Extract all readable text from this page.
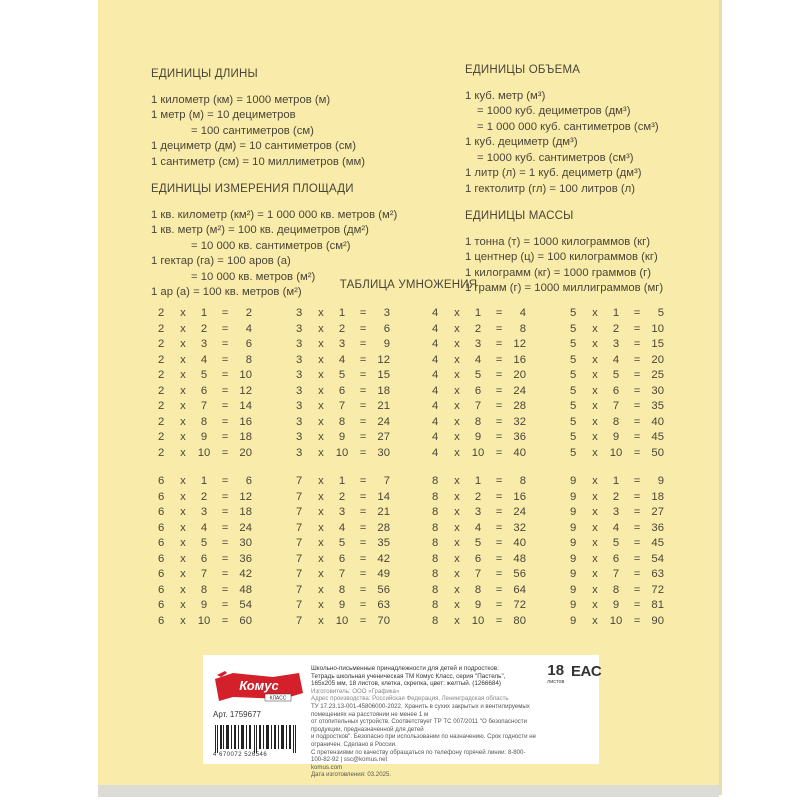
ЕДИНИЦЫ ДЛИНЫ
1 километр (км) = 1000 метров (м)
1 метр (м) = 10 дециметров
= 100 сантиметров (см)
1 дециметр (дм) = 10 сантиметров (см)
1 сантиметр (см) = 10 миллиметров (мм)
ЕДИНИЦЫ ИЗМЕРЕНИЯ ПЛОЩАДИ
1 кв. километр (км²) = 1 000 000 кв. метров (м²)
1 кв. метр (м²) = 100 кв. дециметров (дм²)
= 10 000 кв. сантиметров (см²)
1 гектар (га) = 100 аров (а)
= 10 000 кв. метров (м²)
1 ар (а) = 100 кв. метров (м²)
ЕДИНИЦЫ ОБЪЕМА
1 куб. метр (м³)
= 1000 куб. дециметров (дм³)
= 1 000 000 куб. сантиметров (см³)
1 куб. дециметр (дм³)
= 1000 куб. сантиметров (см³)
1 литр (л) = 1 куб. дециметр (дм³)
1 гектолитр (гл) = 100 литров (л)
ЕДИНИЦЫ МАССЫ
1 тонна (т) = 1000 килограммов (кг)
1 центнер (ц) = 100 килограммов (кг)
1 килограмм (кг) = 1000 граммов (г)
1 грамм (г) = 1000 миллиграммов (мг)
ТАБЛИЦА УМНОЖЕНИЯ
2	x	1	=	2
2	x	2	=	4
2	x	3	=	6
2	x	4	=	8
2	x	5	= 10
2	x	6	= 12
2	x	7	= 14
2	x	8	= 16
2	x	9	= 18
2	x	10	= 20
3	x	1	=	3
3	x	2	=	6
3	x	3	=	9
3	x	4	= 12
3	x	5	= 15
3	x	6	= 18
3	x	7	= 21
3	x	8	= 24
3	x	9	= 27
3	x	10	= 30
4	x	1	=	4
4	x	2	=	8
4	x	3	= 12
4	x	4	= 16
4	x	5	= 20
4	x	6	= 24
4	x	7	= 28
4	x	8	= 32
4	x	9	= 36
4	x	10	= 40
5	x	1	=	5
5	x	2	= 10
5	x	3	= 15
5	x	4	= 20
5	x	5	= 25
5	x	6	= 30
5	x	7	= 35
5	x	8	= 40
5	x	9	= 45
5	x	10	= 50
6	x	1	=	6
6	x	2	= 12
6	x	3	= 18
6	x	4	= 24
6	x	5	= 30
6	x	6	= 36
6	x	7	= 42
6	x	8	= 48
6	x	9	= 54
6	x	10	= 60
7	x	1	=	7
7	x	2	= 14
7	x	3	= 21
7	x	4	= 28
7	x	5	= 35
7	x	6	= 42
7	x	7	= 49
7	x	8	= 56
7	x	9	= 63
7	x	10	= 70
8	x	1	=	8
8	x	2	= 16
8	x	3	= 24
8	x	4	= 32
8	x	5	= 40
8	x	6	= 48
8	x	7	= 56
8	x	8	= 64
8	x	9	= 72
8	x	10	= 80
9	x	1	=	9
9	x	2	= 18
9	x	3	= 27
9	x	4	= 36
9	x	5	= 45
9	x	6	= 54
9	x	7	= 63
9	x	8	= 72
9	x	9	= 81
9	x	10	= 90
Комус
КЛАСС
Арт. 1759677
4 670072 526546
Школьно-письменные принадлежности для детей и подростков:
Тетрадь школьная ученическая ТМ Комус Класс, серия "Пастель",
165х205 мм, 18 листов, клетка, скрепка, цвет: желтый. (1266684)
Изготовитель: ООО «Графика»
Адрес производства: Российская Федерация, Ленинградская область
ТУ 17.23.13-001-45806000-2022. Хранить в сухих закрытых и вентилируемых помещениях на расстоянии не менее 1 м
от отопительных устройств. Соответствует ТР ТС 007/2011 "О безопасности продукции, предназначенной для детей
и подростков". Безопасно при использовании по назначению. Срок годности не ограничен. Сделано в России.
С претензиями по качеству обращаться по телефону горячей линии: 8-800-100-82-92 | ssc@komus.net
komus.com
Дата изготовления: 03.2025.
18
листов
EAC
